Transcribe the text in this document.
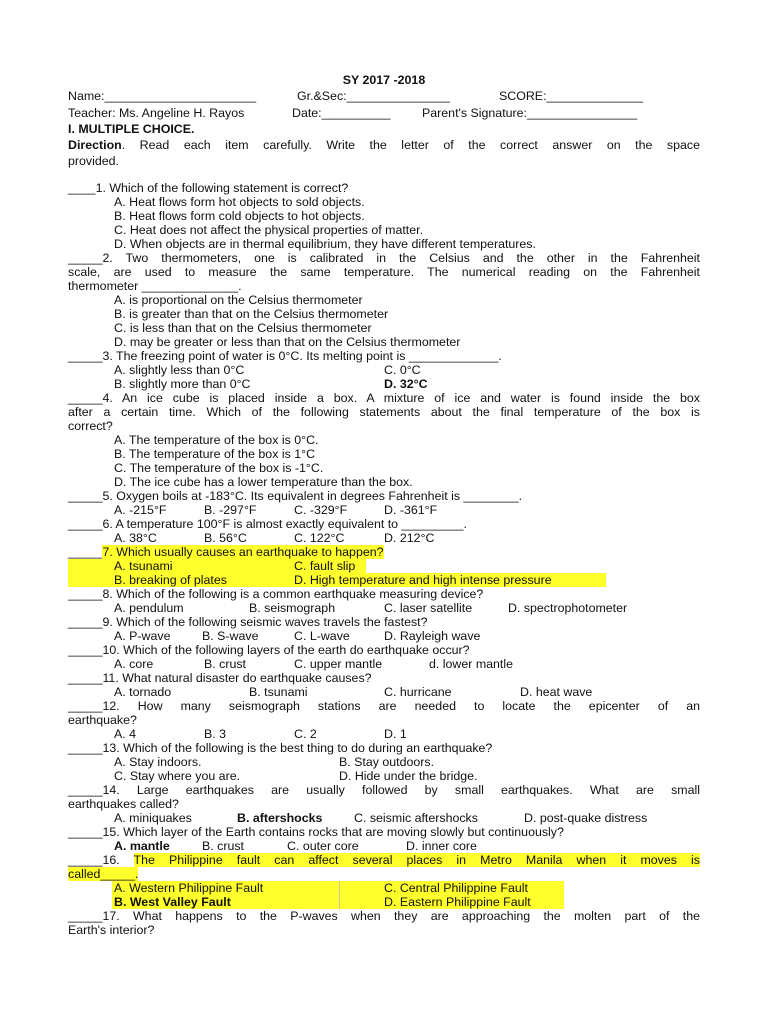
SY 2017 -2018
Name:______________________	Gr.&Sec:_______________	SCORE:______________
Teacher: Ms. Angeline H. Rayos	Date:__________	Parent's Signature:________________
I. MULTIPLE CHOICE.
Direction. Read each item carefully. Write the letter of the correct answer on the space
provided.
____1. Which of the following statement is correct?
A. Heat flows form hot objects to sold objects.
B. Heat flows form cold objects to hot objects.
C. Heat does not affect the physical properties of matter.
D. When objects are in thermal equilibrium, they have different temperatures.
_____2. Two thermometers, one is calibrated in the Celsius and the other in the Fahrenheit
scale, are used to measure the same temperature. The numerical reading on the Fahrenheit
thermometer ______________.
A. is proportional on the Celsius thermometer
B. is greater than that on the Celsius thermometer
C. is less than that on the Celsius thermometer
D. may be greater or less than that on the Celsius thermometer
_____3. The freezing point of water is 0°C. Its melting point is _____________.
A. slightly less than 0°C	C. 0°C
B. slightly more than 0°C	D. 32°C
_____4. An ice cube is placed inside a box. A mixture of ice and water is found inside the box
after a certain time. Which of the following statements about the final temperature of the box is
correct?
A. The temperature of the box is 0°C.
B. The temperature of the box is 1°C
C. The temperature of the box is -1°C.
D. The ice cube has a lower temperature than the box.
_____5. Oxygen boils at -183°C. Its equivalent in degrees Fahrenheit is ________.
A. -215°F	B. -297°F	C. -329°F	D. -361°F
_____6. A temperature 100°F is almost exactly equivalent to _________.
A. 38°C	B. 56°C	C. 122°C	D. 212°C
_____7. Which usually causes an earthquake to happen?
A. tsunami	C. fault slip
B. breaking of plates	D. High temperature and high intense pressure
_____8. Which of the following is a common earthquake measuring device?
A. pendulum	B. seismograph	C. laser satellite	D. spectrophotometer
_____9. Which of the following seismic waves travels the fastest?
A. P-wave	B. S-wave	C. L-wave	D. Rayleigh wave
_____10. Which of the following layers of the earth do earthquake occur?
A. core	B. crust	C. upper mantle	d. lower mantle
_____11. What natural disaster do earthquake causes?
A. tornado	B. tsunami	C. hurricane	D. heat wave
_____12. How many seismograph stations are needed to locate the epicenter of an
earthquake?
A. 4	B. 3	C. 2	D. 1
_____13. Which of the following is the best thing to do during an earthquake?
A. Stay indoors.	B. Stay outdoors.
C. Stay where you are.	D. Hide under the bridge.
_____14. Large earthquakes are usually followed by small earthquakes. What are small
earthquakes called?
A. miniquakes	B. aftershocks	C. seismic aftershocks	D. post-quake distress
_____15. Which layer of the Earth contains rocks that are moving slowly but continuously?
A. mantle	B. crust	C. outer core	D. inner core
_____16. The Philippine fault can affect several places in Metro Manila when it moves is
called_____.
A. Western Philippine Fault	C. Central Philippine Fault
B. West Valley Fault	D. Eastern Philippine Fault
_____17. What happens to the P-waves when they are approaching the molten part of the
Earth's interior?
